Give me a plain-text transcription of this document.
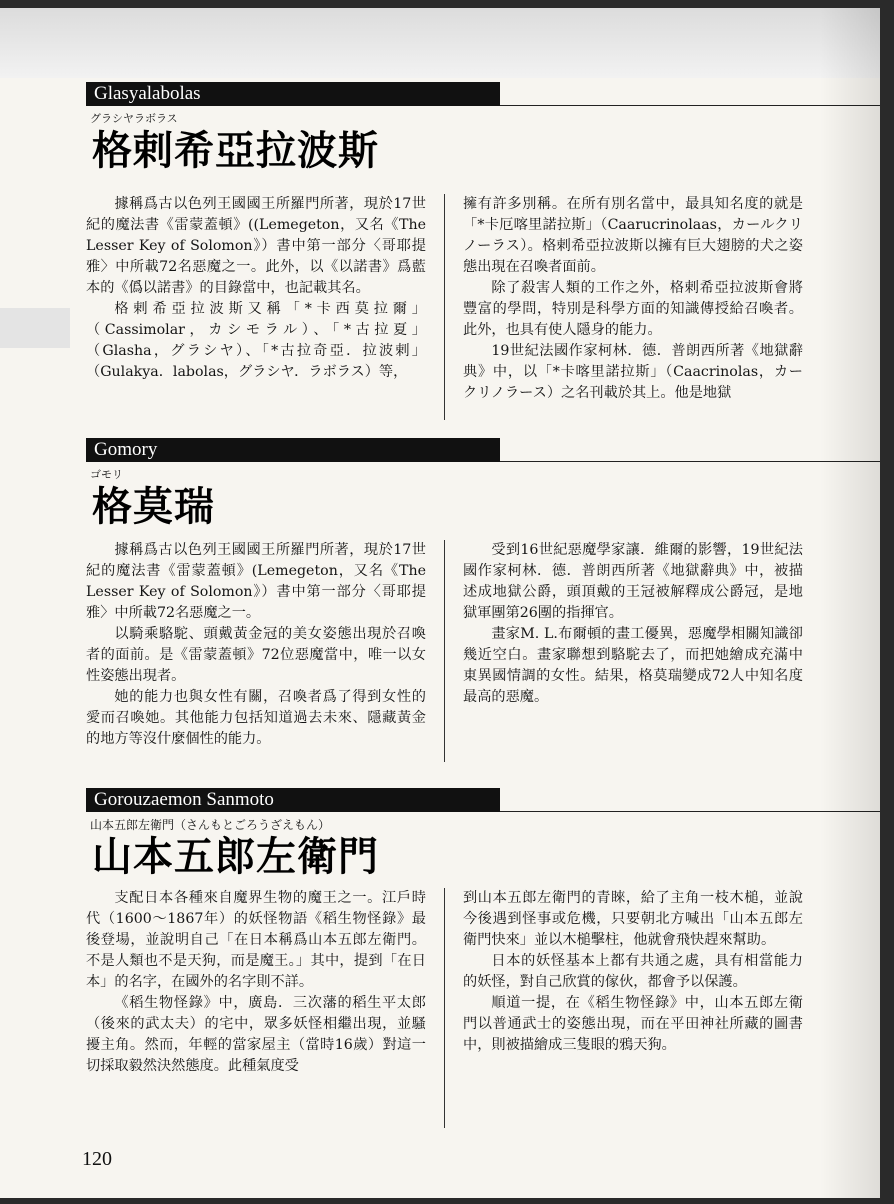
Glasyalabolas
グラシヤラボラス
格剌希亞拉波斯

據稱爲古以色列王國國王所羅門所著，現於17世紀的魔法書《雷蒙蓋頓》((Lemegeton，又名《The Lesser Key of Solomon》）書中第一部分〈哥耶提雅〉中所載72名惡魔之一。此外，以《以諾書》爲藍本的《僞以諾書》的目錄當中，也記載其名。

格剌希亞拉波斯又稱「*卡西莫拉爾」（Cassimolar，カシモラル）、「*古拉夏」（Glasha，グラシヤ）、「*古拉奇亞．拉波剌」（Gulakya．labolas，グラシヤ．ラボラス）等，

擁有許多別稱。在所有別名當中，最具知名度的就是「*卡厄喀里諾拉斯」（Caarucrinolaas，カールクリノーラス）。格剌希亞拉波斯以擁有巨大翅膀的犬之姿態出現在召喚者面前。

除了殺害人類的工作之外，格剌希亞拉波斯會將豐富的學問，特別是科學方面的知識傳授給召喚者。此外，也具有使人隱身的能力。

19世紀法國作家柯林．德．普朗西所著《地獄辭典》中，以「*卡喀里諾拉斯」（Caacrinolas，カークリノラース）之名刊載於其上。他是地獄

Gomory
ゴモリ
格莫瑞

據稱爲古以色列王國國王所羅門所著，現於17世紀的魔法書《雷蒙蓋頓》(Lemegeton，又名《The Lesser Key of Solomon》）書中第一部分〈哥耶提雅〉中所載72名惡魔之一。

以騎乘駱駝、頭戴黃金冠的美女姿態出現於召喚者的面前。是《雷蒙蓋頓》72位惡魔當中，唯一以女性姿態出現者。

她的能力也與女性有關，召喚者爲了得到女性的愛而召喚她。其他能力包括知道過去未來、隱藏黃金的地方等沒什麼個性的能力。

受到16世紀惡魔學家讓．維爾的影響，19世紀法國作家柯林．德．普朗西所著《地獄辭典》中，被描述成地獄公爵，頭頂戴的王冠被解釋成公爵冠，是地獄軍團第26團的指揮官。

畫家M. L.布爾頓的畫工優異，惡魔學相關知識卻幾近空白。畫家聯想到駱駝去了，而把她繪成充滿中東異國情調的女性。結果，格莫瑞變成72人中知名度最高的惡魔。

Gorouzaemon Sanmoto
山本五郎左衛門（さんもとごろうざえもん）
山本五郎左衛門

支配日本各種來自魔界生物的魔王之一。江戶時代（1600～1867年）的妖怪物語《稻生物怪錄》最後登場，並說明自己「在日本稱爲山本五郎左衛門。不是人類也不是天狗，而是魔王。」其中，提到「在日本」的名字，在國外的名字則不詳。

《稻生物怪錄》中，廣島．三次藩的稻生平太郎（後來的武太夫）的宅中，眾多妖怪相繼出現，並騷擾主角。然而，年輕的當家屋主（當時16歲）對這一切採取毅然決然態度。此種氣度受

到山本五郎左衛門的青睞，給了主角一枝木槌，並說今後遇到怪事或危機，只要朝北方喊出「山本五郎左衛門快來」並以木槌擊柱，他就會飛快趕來幫助。

日本的妖怪基本上都有共通之處，具有相當能力的妖怪，對自己欣賞的傢伙，都會予以保護。

順道一提，在《稻生物怪錄》中，山本五郎左衛門以普通武士的姿態出現，而在平田神社所藏的圖書中，則被描繪成三隻眼的鴉天狗。

120
